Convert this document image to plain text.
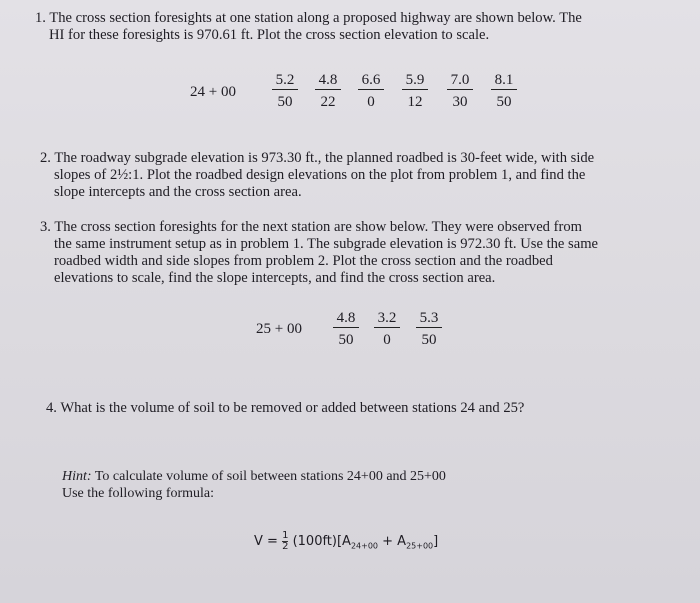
1. The cross section foresights at one station along a proposed highway are shown below. The
HI for these foresights is 970.61 ft. Plot the cross section elevation to scale.
$24 + 00 \frac{5.2}{50} \frac{4.8}{22} \frac{6.6}{0} \frac{5.9}{12} \frac{7.0}{30} \frac{8.1}{50}$
2. The roadway subgrade elevation is 973.30 ft., the planned roadbed is 30-feet wide, with side
slopes of 2½:1. Plot the roadbed design elevations on the plot from problem 1, and find the
slope intercepts and the cross section area.
3. The cross section foresights for the next station are show below. They were observed from
the same instrument setup as in problem 1. The subgrade elevation is 972.30 ft. Use the same
roadbed width and side slopes from problem 2. Plot the cross section and the roadbed
elevations to scale, find the slope intercepts, and find the cross section area.
$25 + 00 \frac{4.8}{50} \frac{3.2}{0} \frac{5.3}{50}$
4. What is the volume of soil to be removed or added between stations 24 and 25?
Hint: To calculate volume of soil between stations 24+00 and 25+00
Use the following formula:
$V = \frac{1}{2} (100ft)[A_{24+00} + A_{25+00}]$
